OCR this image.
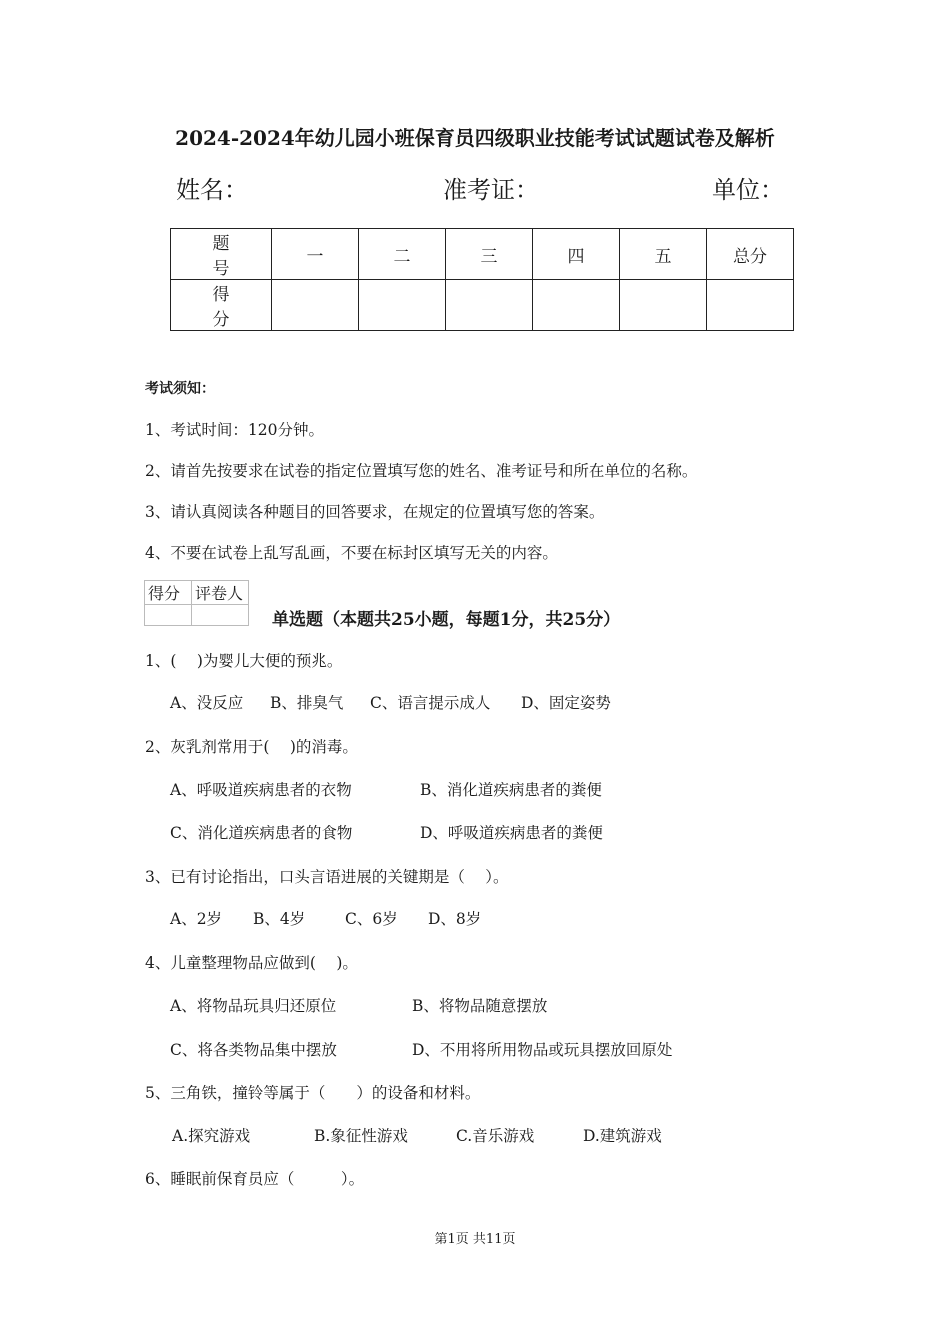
2024-2024年幼儿园小班保育员四级职业技能考试试题试卷及解析
姓名：	准考证：	单位：
题　号	一	二	三	四	五	总分
得　分						
考试须知：
1、考试时间：120分钟。
2、请首先按要求在试卷的指定位置填写您的姓名、准考证号和所在单位的名称。
3、请认真阅读各种题目的回答要求，在规定的位置填写您的答案。
4、不要在试卷上乱写乱画，不要在标封区填写无关的内容。
得分	评卷人

单选题（本题共25小题，每题1分，共25分）
1、(　 )为婴儿大便的预兆。
A、没反应 B、排臭气 C、语言提示成人 D、固定姿势
2、灰乳剂常用于(　 )的消毒。
A、呼吸道疾病患者的衣物	B、消化道疾病患者的粪便
C、消化道疾病患者的食物	D、呼吸道疾病患者的粪便
3、已有讨论指出，口头言语进展的关键期是（　 ）。
A、2岁 B、4岁	C、6岁 D、8岁
4、儿童整理物品应做到(　 )。
A、将物品玩具归还原位	B、将物品随意摆放
C、将各类物品集中摆放	D、不用将所用物品或玩具摆放回原处
5、三角铁，撞铃等属于（　　）的设备和材料。
A.探究游戏	B.象征性游戏	C.音乐游戏	D.建筑游戏
6、睡眠前保育员应（　　　）。
第1页 共11页
